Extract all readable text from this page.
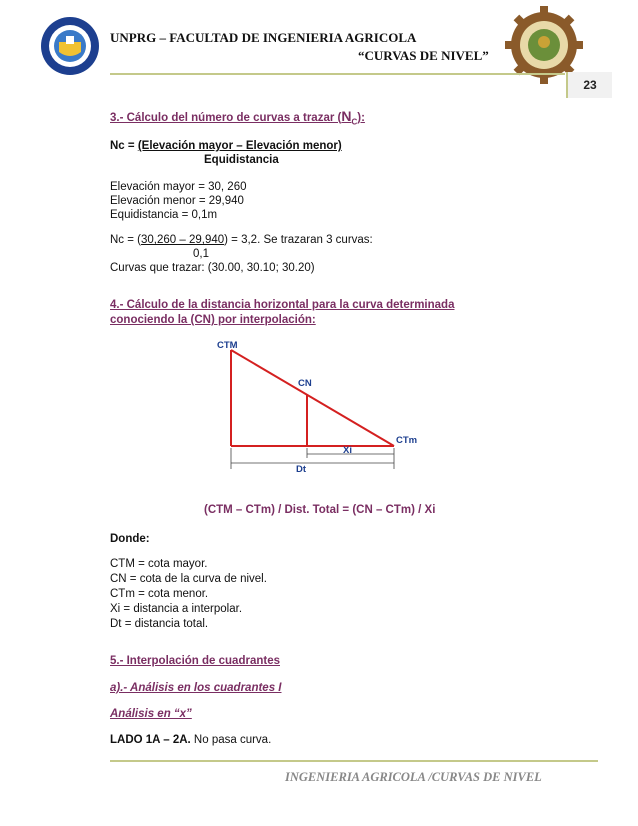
UNPRG – FACULTAD DE INGENIERIA AGRICOLA
“CURVAS DE NIVEL”
23
3.- Cálculo del número de curvas a trazar $(N_C)$:
Nc = (Elevación mayor – Elevación menor)
Equidistancia
Elevación mayor = 30, 260
Elevación menor = 29,940
Equidistancia = 0,1m
Nc = (30,260 – 29,940) = 3,2. Se trazaran 3 curvas:
0,1
Curvas que trazar: (30.00, 30.10; 30.20)
4.- Cálculo de la distancia horizontal para la curva determinada
conociendo la (CN) por interpolación:
CTM
CN
CTm
Xi
Dt
(CTM – CTm) / Dist. Total = (CN – CTm) / Xi
Donde:
CTM = cota mayor.
CN = cota de la curva de nivel.
CTm = cota menor.
Xi = distancia a interpolar.
Dt = distancia total.
5.- Interpolación de cuadrantes
a).- Análisis en los cuadrantes I
Análisis en “x”
LADO 1A – 2A. No pasa curva.
INGENIERIA AGRICOLA /CURVAS DE NIVEL
